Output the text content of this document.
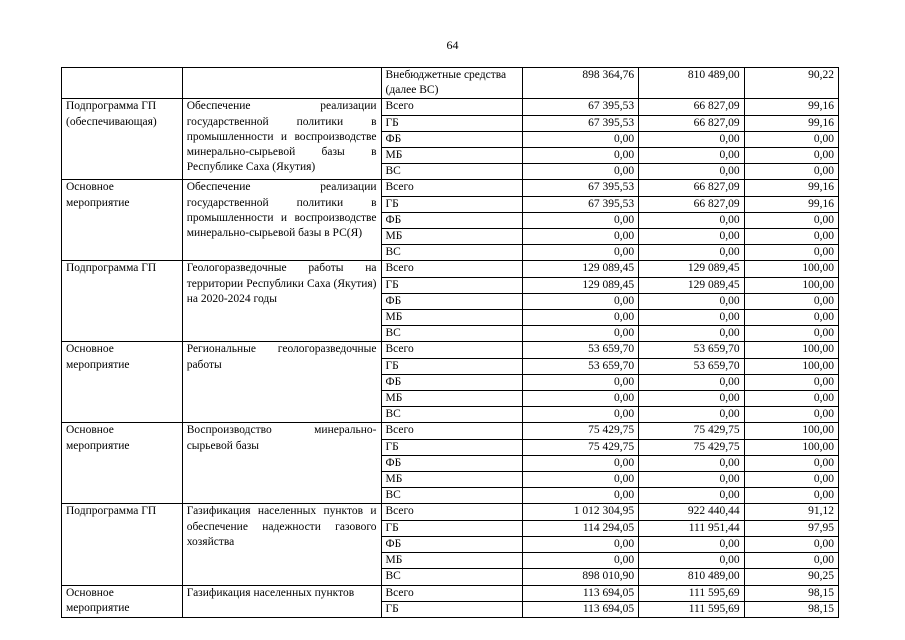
64
		Внебюджетные средства (далее ВС)	898 364,76	810 489,00	90,22
Подпрограмма ГП (обеспечивающая)	Обеспечение реализации государственной политики в промышленности и воспроизводстве минерально-сырьевой базы в Республике Саха (Якутия)	Всего	67 395,53	66 827,09	99,16
		ГБ	67 395,53	66 827,09	99,16
		ФБ	0,00	0,00	0,00
		МБ	0,00	0,00	0,00
		ВС	0,00	0,00	0,00
Основное мероприятие	Обеспечение реализации государственной политики в промышленности и воспроизводстве минерально-сырьевой базы в РС(Я)	Всего	67 395,53	66 827,09	99,16
		ГБ	67 395,53	66 827,09	99,16
		ФБ	0,00	0,00	0,00
		МБ	0,00	0,00	0,00
		ВС	0,00	0,00	0,00
Подпрограмма ГП	Геологоразведочные работы на территории Республики Саха (Якутия) на 2020-2024 годы	Всего	129 089,45	129 089,45	100,00
		ГБ	129 089,45	129 089,45	100,00
		ФБ	0,00	0,00	0,00
		МБ	0,00	0,00	0,00
		ВС	0,00	0,00	0,00
Основное мероприятие	Региональные геологоразведочные работы	Всего	53 659,70	53 659,70	100,00
		ГБ	53 659,70	53 659,70	100,00
		ФБ	0,00	0,00	0,00
		МБ	0,00	0,00	0,00
		ВС	0,00	0,00	0,00
Основное мероприятие	Воспроизводство минерально-сырьевой базы	Всего	75 429,75	75 429,75	100,00
		ГБ	75 429,75	75 429,75	100,00
		ФБ	0,00	0,00	0,00
		МБ	0,00	0,00	0,00
		ВС	0,00	0,00	0,00
Подпрограмма ГП	Газификация населенных пунктов и обеспечение надежности газового хозяйства	Всего	1 012 304,95	922 440,44	91,12
		ГБ	114 294,05	111 951,44	97,95
		ФБ	0,00	0,00	0,00
		МБ	0,00	0,00	0,00
		ВС	898 010,90	810 489,00	90,25
Основное мероприятие	Газификация населенных пунктов	Всего	113 694,05	111 595,69	98,15
		ГБ	113 694,05	111 595,69	98,15
